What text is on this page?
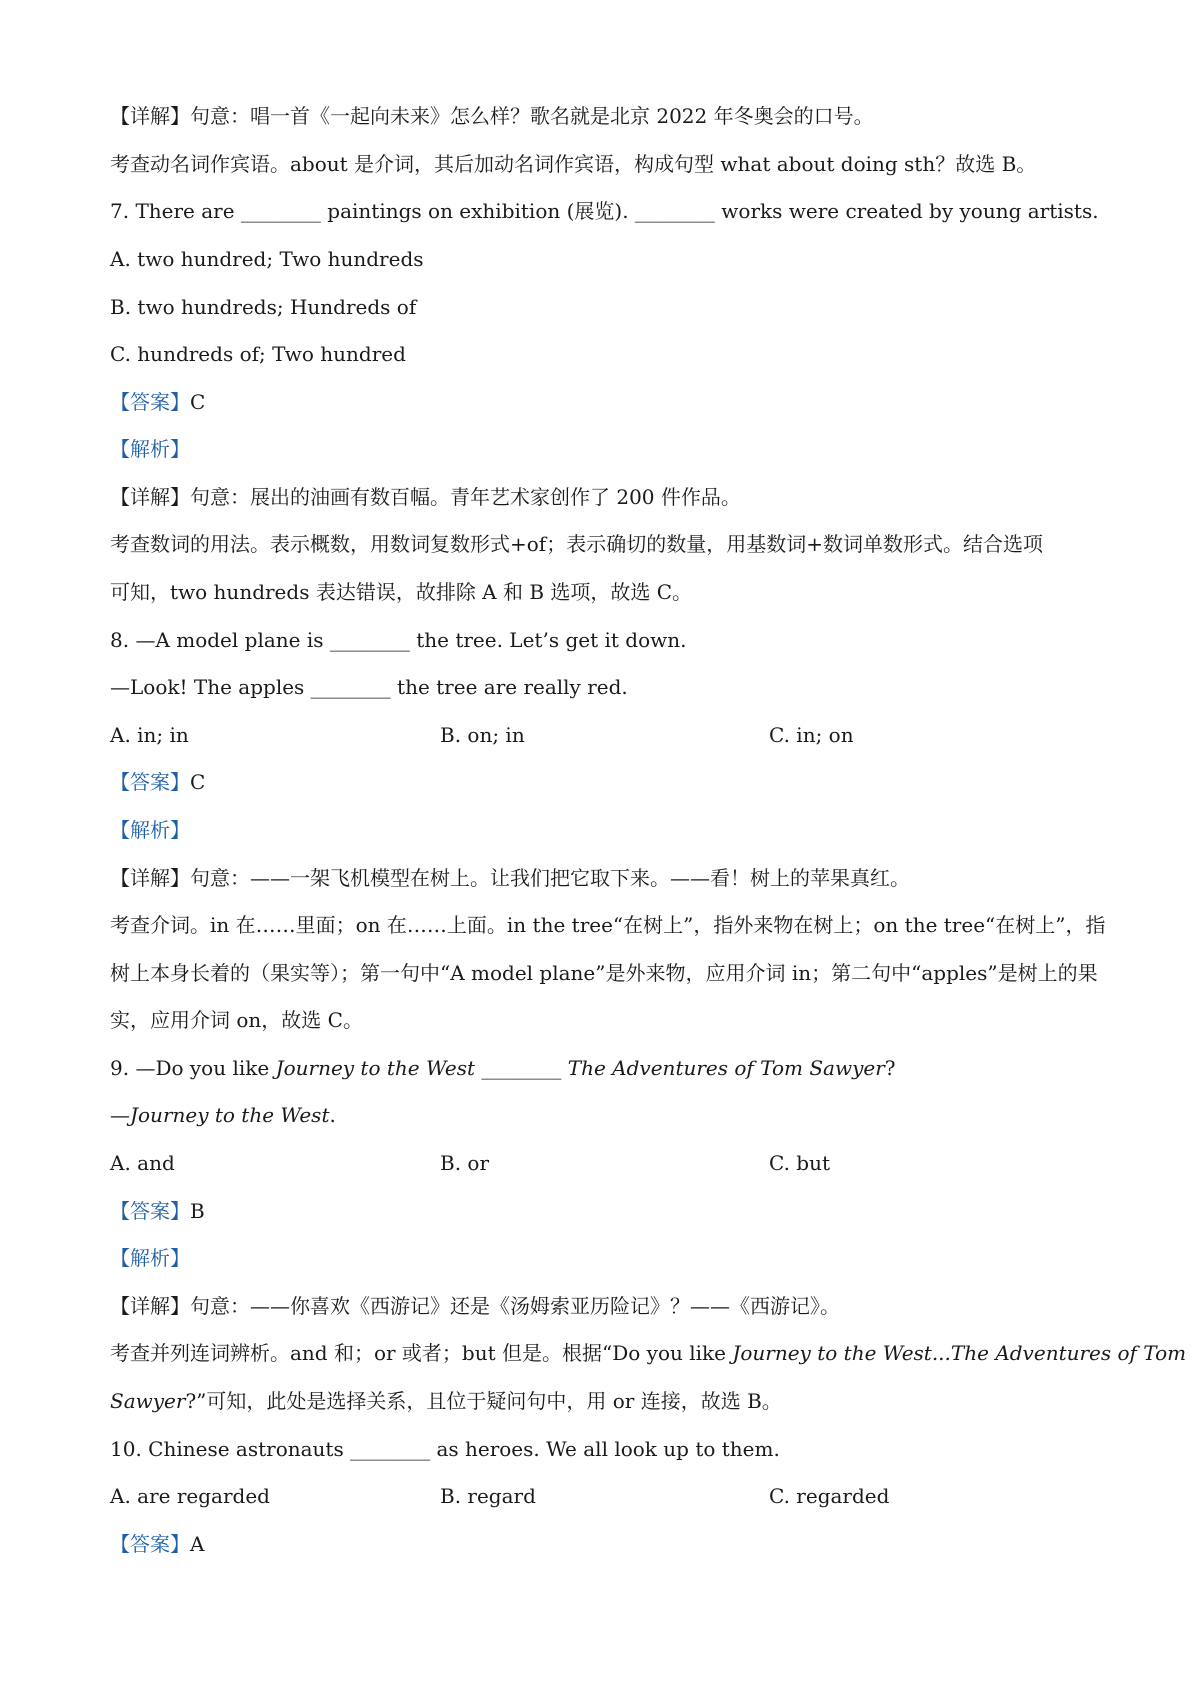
【详解】句意：唱一首《一起向未来》怎么样？歌名就是北京 2022 年冬奥会的口号。
考查动名词作宾语。about 是介词，其后加动名词作宾语，构成句型 what about doing sth？故选 B。
7. There are ________ paintings on exhibition (展览). ________ works were created by young artists.
A. two hundred; Two hundreds
B. two hundreds; Hundreds of
C. hundreds of; Two hundred
【答案】C
【解析】
【详解】句意：展出的油画有数百幅。青年艺术家创作了 200 件作品。
考查数词的用法。表示概数，用数词复数形式+of；表示确切的数量，用基数词+数词单数形式。结合选项
可知，two hundreds 表达错误，故排除 A 和 B 选项，故选 C。
8. —A model plane is ________ the tree. Let’s get it down.
—Look! The apples ________ the tree are really red.
A. in; in	B. on; in	C. in; on
【答案】C
【解析】
【详解】句意：——一架飞机模型在树上。让我们把它取下来。——看！树上的苹果真红。
考查介词。in 在……里面；on 在……上面。in the tree“在树上”，指外来物在树上；on the tree“在树上”，指
树上本身长着的（果实等）；第一句中“A model plane”是外来物，应用介词 in；第二句中“apples”是树上的果
实，应用介词 on，故选 C。
9. —Do you like Journey to the West ________ The Adventures of Tom Sawyer?
—Journey to the West.
A. and	B. or	C. but
【答案】B
【解析】
【详解】句意：——你喜欢《西游记》还是《汤姆索亚历险记》？——《西游记》。
考查并列连词辨析。and 和；or 或者；but 但是。根据“Do you like Journey to the West...The Adventures of Tom
Sawyer?”可知，此处是选择关系，且位于疑问句中，用 or 连接，故选 B。
10. Chinese astronauts ________ as heroes. We all look up to them.
A. are regarded	B. regard	C. regarded
【答案】A
